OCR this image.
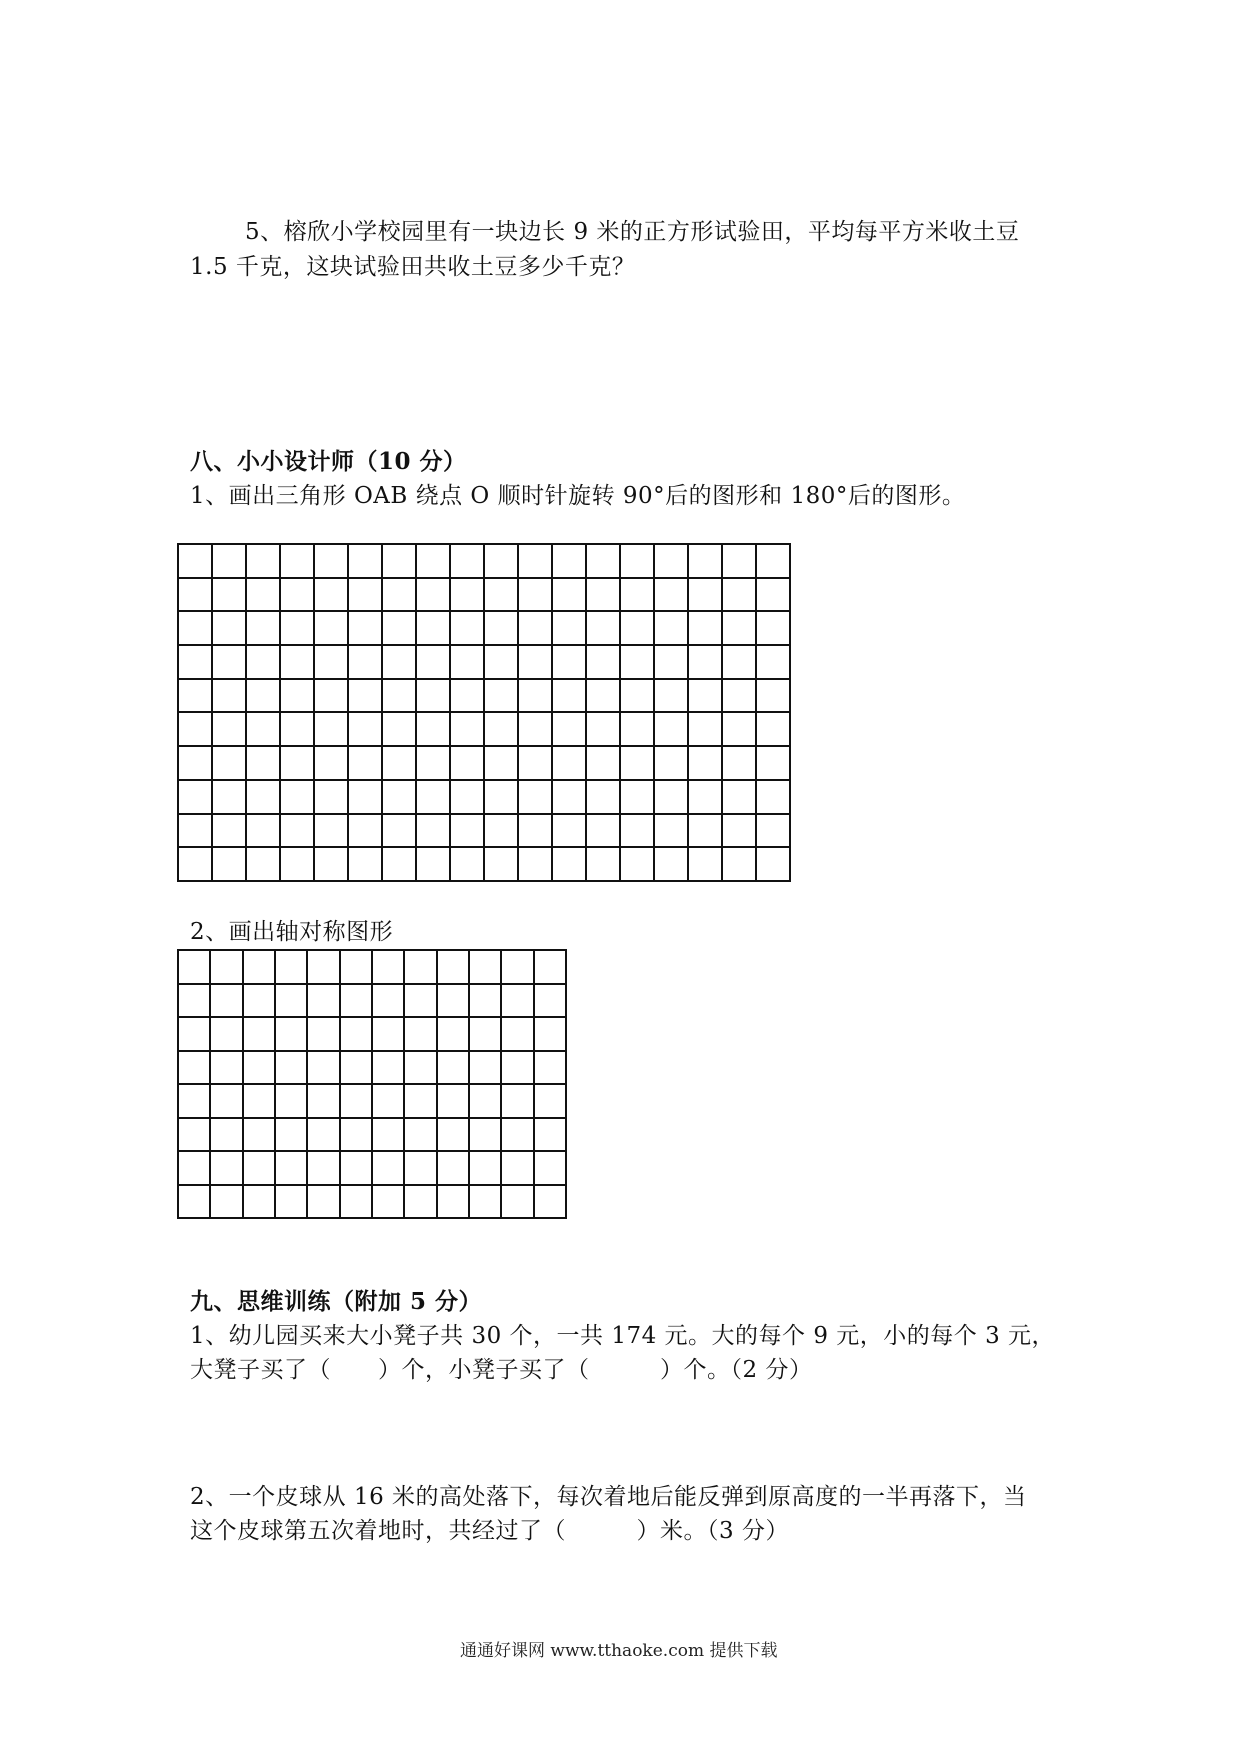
5、榕欣小学校园里有一块边长 9 米的正方形试验田，平均每平方米收土豆
1.5 千克，这块试验田共收土豆多少千克？
八、小小设计师（10 分）
1、画出三角形 OAB 绕点 O 顺时针旋转 90°后的图形和 180°后的图形。

2、画出轴对称图形

九、思维训练（附加 5 分）
1、幼儿园买来大小凳子共 30 个，一共 174 元。大的每个 9 元，小的每个 3 元，
大凳子买了（　　）个，小凳子买了（　　　）个。（2 分）
2、一个皮球从 16 米的高处落下，每次着地后能反弹到原高度的一半再落下，当
这个皮球第五次着地时，共经过了（　　　）米。（3 分）
通通好课网 www.tthaoke.com 提供下载
